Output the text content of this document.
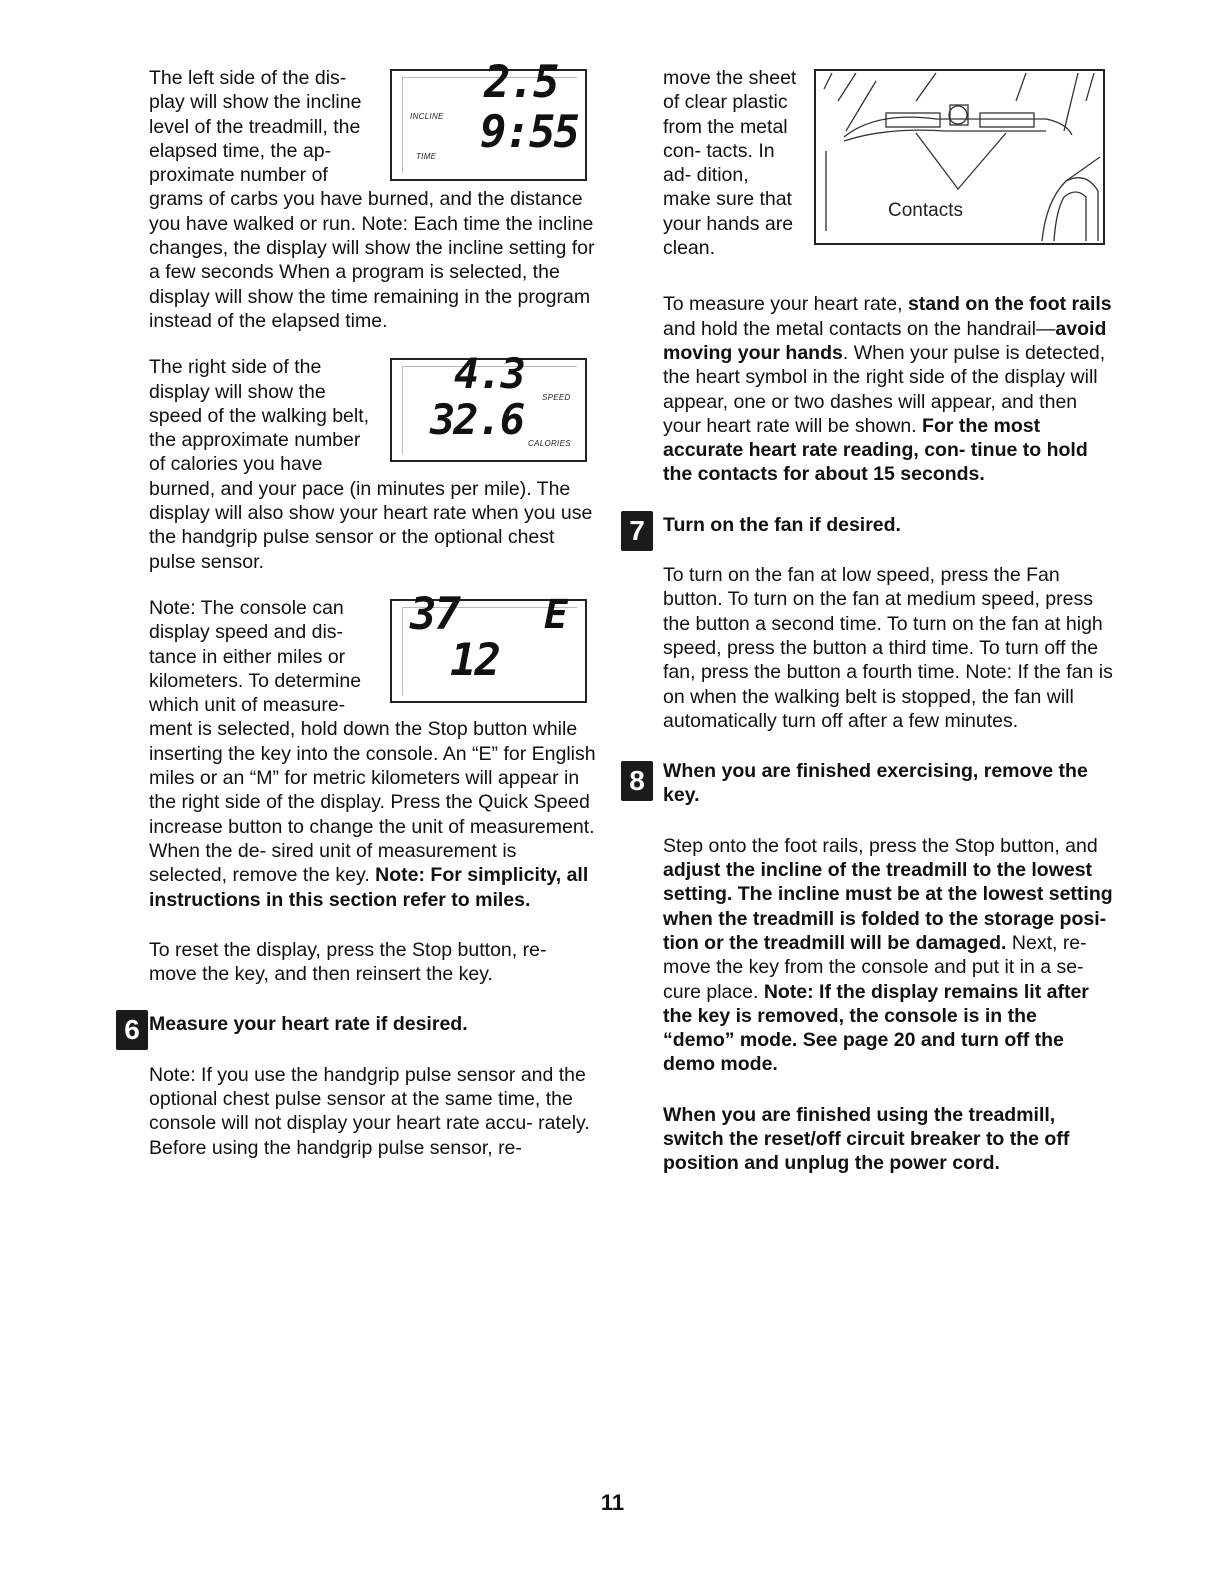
INCLINE
2.5
TIME 9:55

The left side of the dis- play will show the incline level of the treadmill, the elapsed time, the ap- proximate number of grams of carbs you have burned, and the distance you have walked or run. Note: Each time the incline changes, the display will show the incline setting for a few seconds When a program is selected, the display will show the time remaining in the program instead of the elapsed time.

4.3 SPEED
32.6 CALORIES

The right side of the display will show the speed of the walking belt, the approximate number of calories you have burned, and your pace (in minutes per mile). The display will also show your heart rate when you use the handgrip pulse sensor or the optional chest pulse sensor.

37 E
12

Note: The console can display speed and dis- tance in either miles or kilometers. To determine which unit of measure- ment is selected, hold down the Stop button while inserting the key into the console. An “E” for English miles or an “M” for metric kilometers will appear in the right side of the display. Press the Quick Speed increase button to change the unit of measurement. When the de- sired unit of measurement is selected, remove the key. Note: For simplicity, all instructions in this section refer to miles.

To reset the display, press the Stop button, re- move the key, and then reinsert the key.

6 Measure your heart rate if desired.

Note: If you use the handgrip pulse sensor and the optional chest pulse sensor at the same time, the console will not display your heart rate accu- rately. Before using the handgrip pulse sensor, re-

Contacts

move the sheet of clear plastic from the metal con- tacts. In ad- dition, make sure that your hands are clean.

To measure your heart rate, stand on the foot rails and hold the metal contacts on the handrail—avoid moving your hands. When your pulse is detected, the heart symbol in the right side of the display will appear, one or two dashes will appear, and then your heart rate will be shown. For the most accurate heart rate reading, con- tinue to hold the contacts for about 15 seconds.

7 Turn on the fan if desired.

To turn on the fan at low speed, press the Fan button. To turn on the fan at medium speed, press the button a second time. To turn on the fan at high speed, press the button a third time. To turn off the fan, press the button a fourth time. Note: If the fan is on when the walking belt is stopped, the fan will automatically turn off after a few minutes.

8 When you are finished exercising, remove the key.

Step onto the foot rails, press the Stop button, and adjust the incline of the treadmill to the lowest setting. The incline must be at the lowest setting when the treadmill is folded to the storage posi- tion or the treadmill will be damaged. Next, re- move the key from the console and put it in a se- cure place. Note: If the display remains lit after the key is removed, the console is in the “demo” mode. See page 20 and turn off the demo mode.

When you are finished using the treadmill, switch the reset/off circuit breaker to the off position and unplug the power cord.

11
